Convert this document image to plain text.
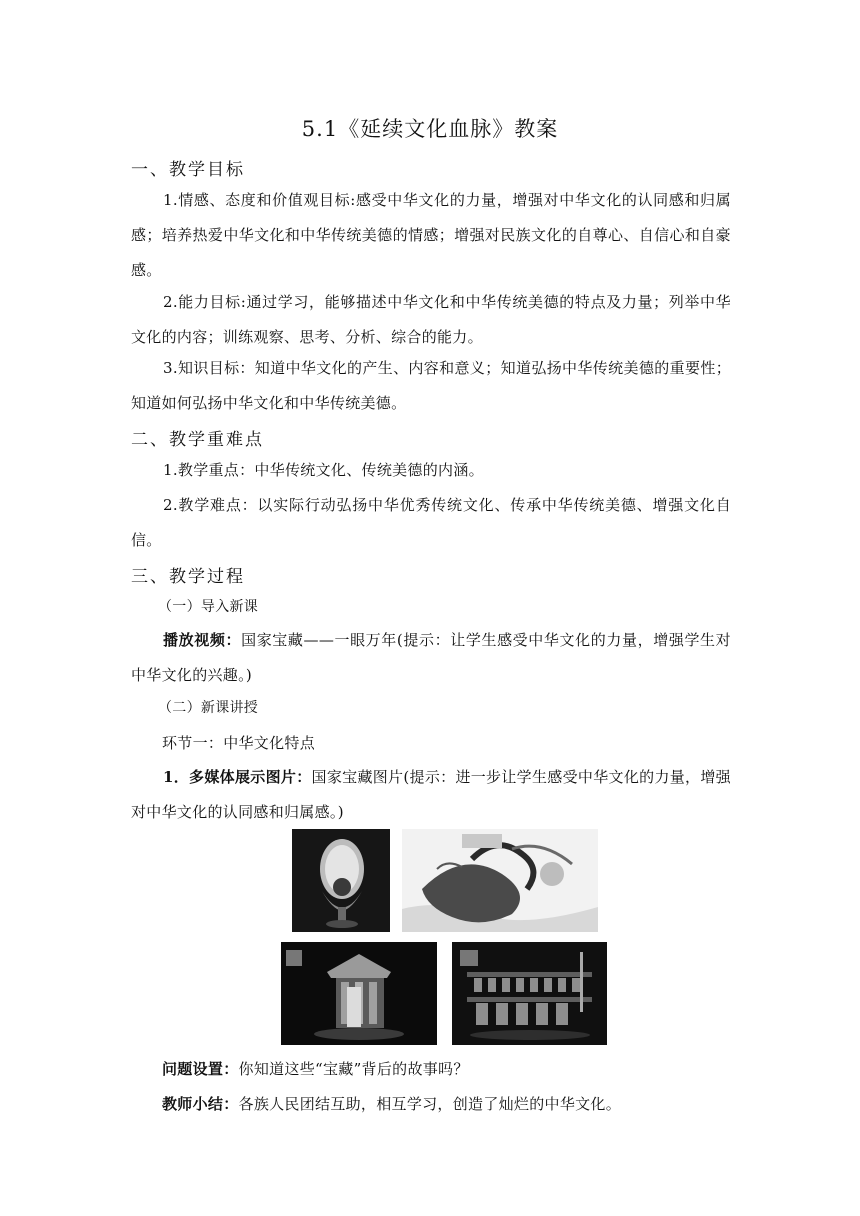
5.1《延续文化血脉》教案
一、教学目标
1.情感、态度和价值观目标:感受中华文化的力量，增强对中华文化的认同感和归属感；培养热爱中华文化和中华传统美德的情感；增强对民族文化的自尊心、自信心和自豪感。
2.能力目标:通过学习，能够描述中华文化和中华传统美德的特点及力量；列举中华文化的内容；训练观察、思考、分析、综合的能力。
3.知识目标：知道中华文化的产生、内容和意义；知道弘扬中华传统美德的重要性；知道如何弘扬中华文化和中华传统美德。
二、教学重难点
1.教学重点：中华传统文化、传统美德的内涵。
2.教学难点：以实际行动弘扬中华优秀传统文化、传承中华传统美德、增强文化自信。
三、教学过程
（一）导入新课
播放视频：国家宝藏——一眼万年(提示：让学生感受中华文化的力量，增强学生对中华文化的兴趣。)
（二）新课讲授
环节一：中华文化特点
1．多媒体展示图片：国家宝藏图片(提示：进一步让学生感受中华文化的力量，增强对中华文化的认同感和归属感。)
问题设置：你知道这些“宝藏”背后的故事吗？
教师小结：各族人民团结互助，相互学习，创造了灿烂的中华文化。
